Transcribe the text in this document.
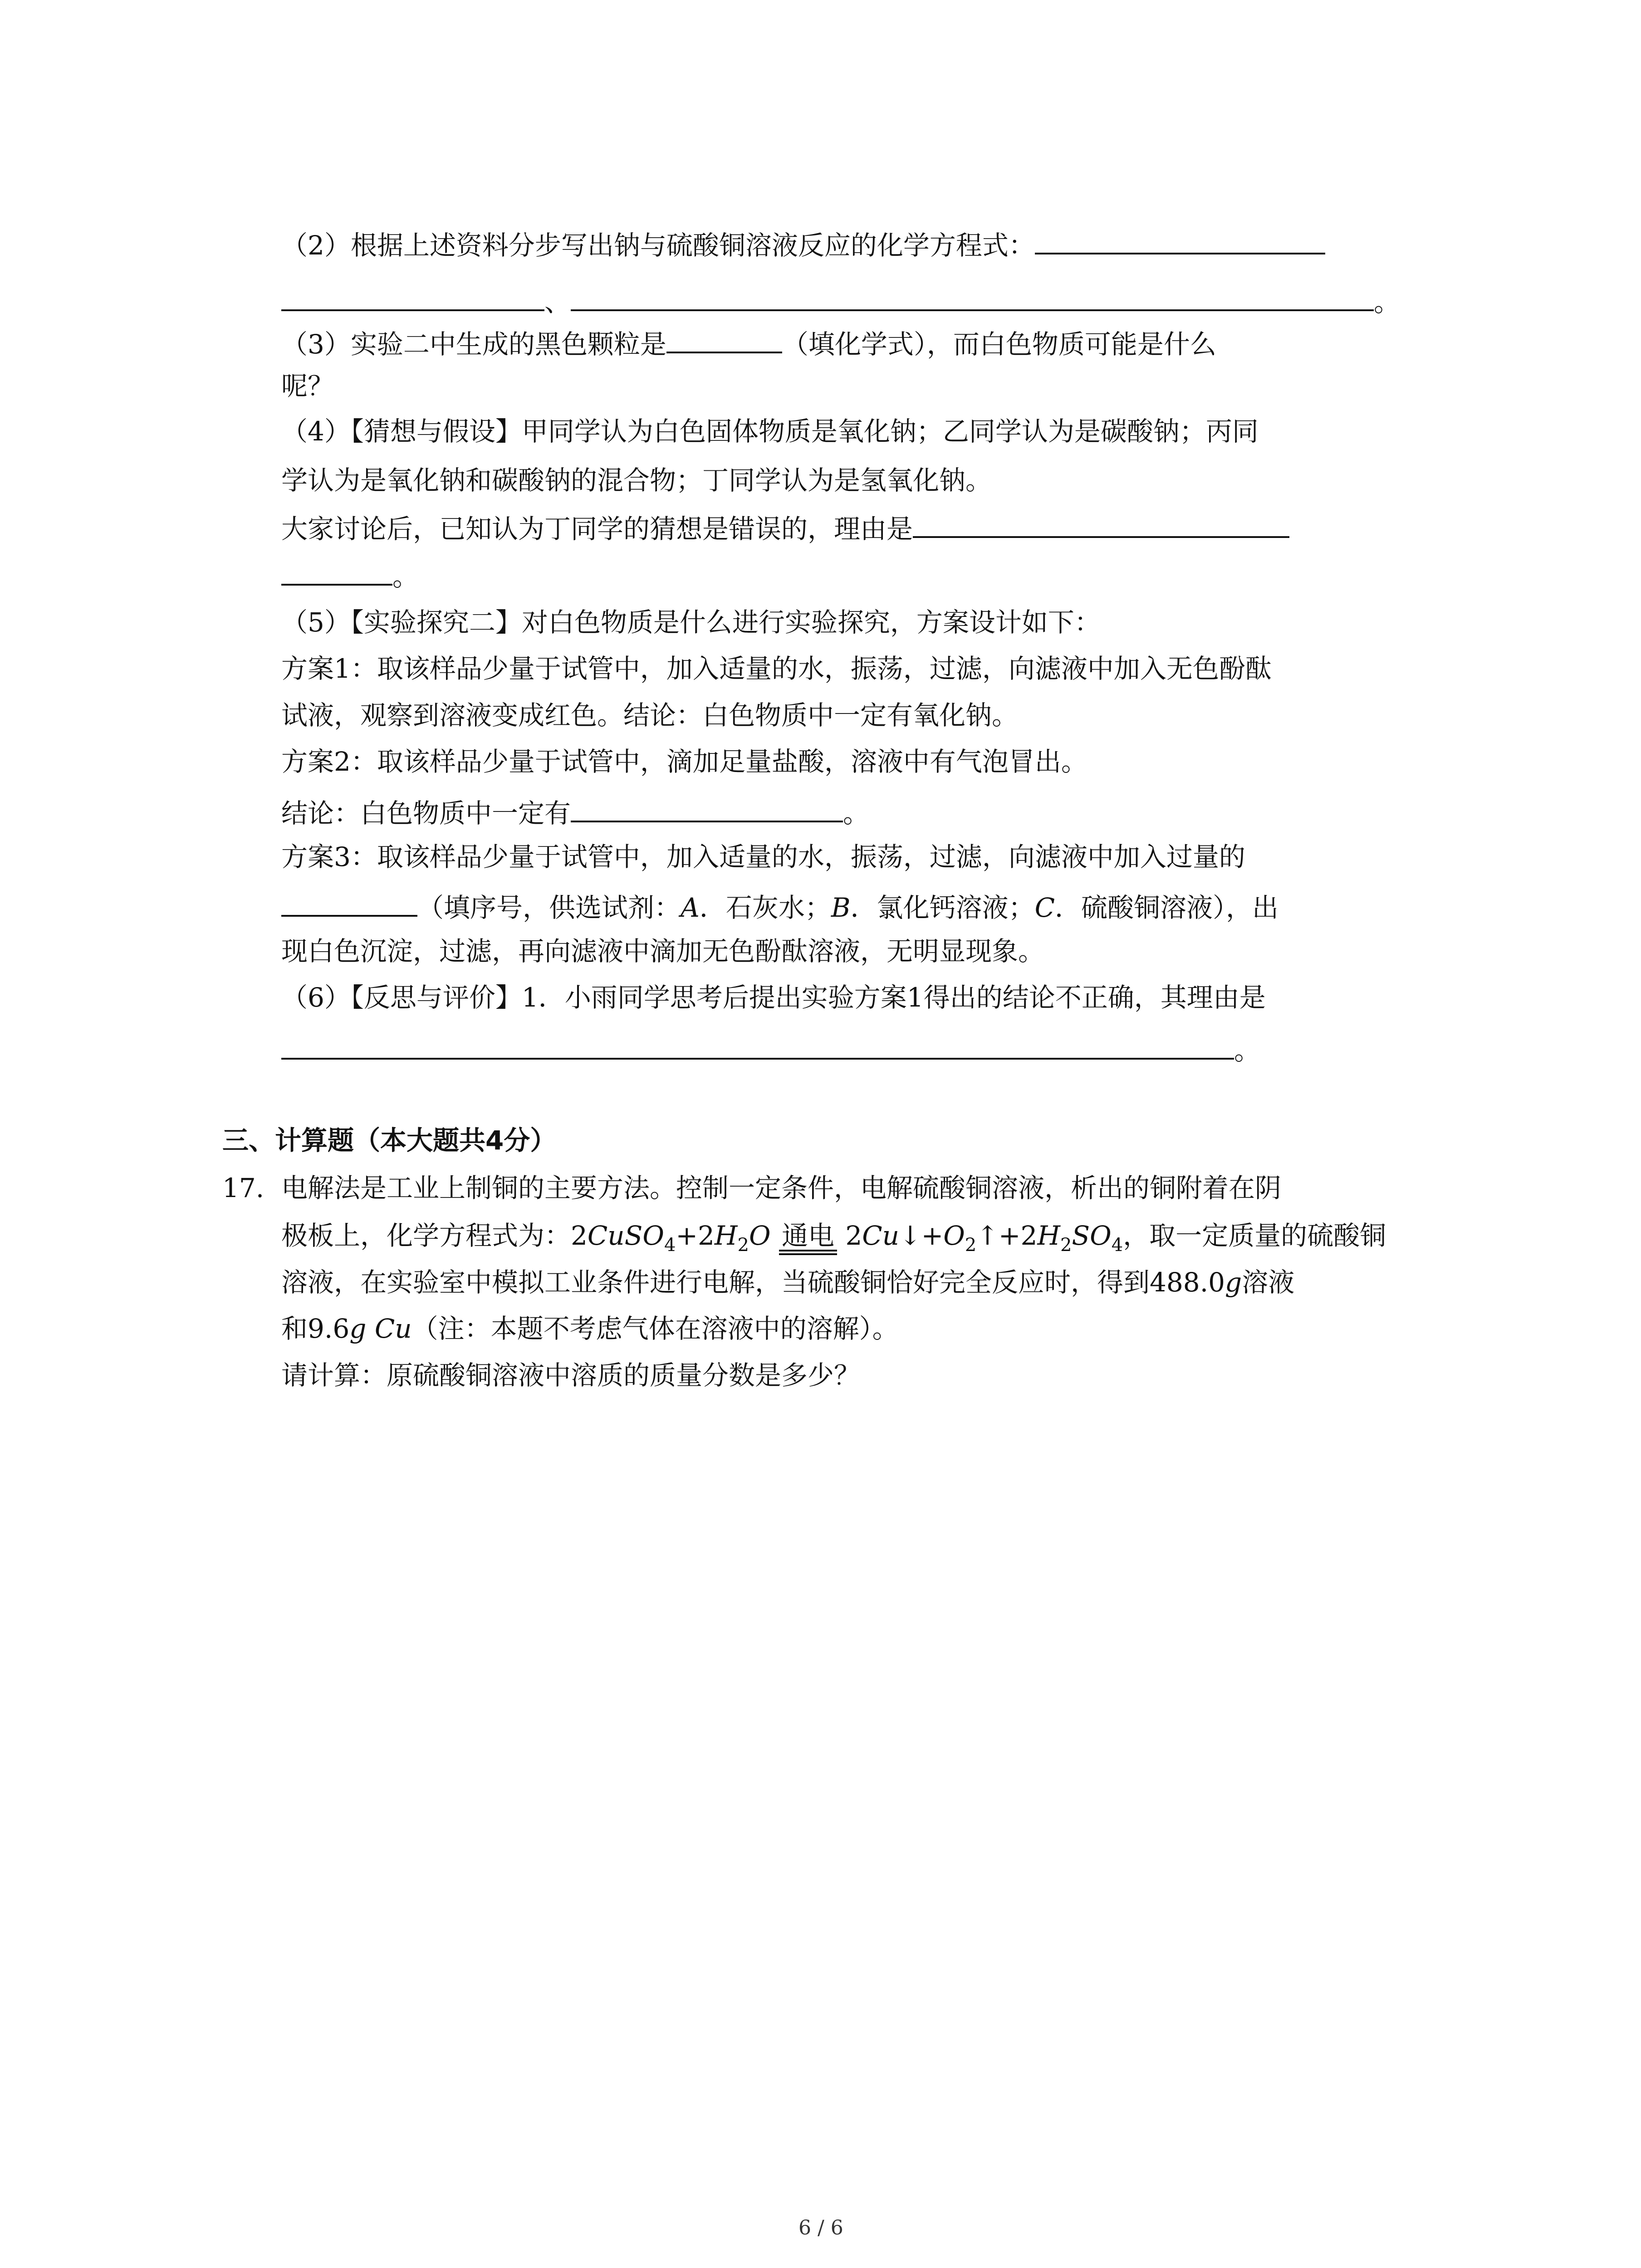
（2）根据上述资料分步写出钠与硫酸铜溶液反应的化学方程式：
、	。
（3）实验二中生成的黑色颗粒是	（填化学式），而白色物质可能是什么
呢？
（4）【猜想与假设】甲同学认为白色固体物质是氧化钠；乙同学认为是碳酸钠；丙同
学认为是氧化钠和碳酸钠的混合物；丁同学认为是氢氧化钠。
大家讨论后，已知认为丁同学的猜想是错误的，理由是
。
（5）【实验探究二】对白色物质是什么进行实验探究，方案设计如下：
方案1：取该样品少量于试管中，加入适量的水，振荡，过滤，向滤液中加入无色酚酞
试液，观察到溶液变成红色。结论：白色物质中一定有氧化钠。
方案2：取该样品少量于试管中，滴加足量盐酸，溶液中有气泡冒出。
结论：白色物质中一定有	。
方案3：取该样品少量于试管中，加入适量的水，振荡，过滤，向滤液中加入过量的
（填序号，供选试剂：A．石灰水；B．氯化钙溶液；C．硫酸铜溶液），出
现白色沉淀，过滤，再向滤液中滴加无色酚酞溶液，无明显现象。
（6）【反思与评价】1．小雨同学思考后提出实验方案1得出的结论不正确，其理由是
。
三、计算题（本大题共4分）
17. 电解法是工业上制铜的主要方法。控制一定条件，电解硫酸铜溶液，析出的铜附着在阴
极板上，化学方程式为：$2CuSO_4+2H_2O$ 通电 $2Cu↓+O_2↑+2H_2SO_4$，取一定质量的硫酸铜
溶液，在实验室中模拟工业条件进行电解，当硫酸铜恰好完全反应时，得到488.0g溶液
和9.6g Cu（注：本题不考虑气体在溶液中的溶解）。
请计算：原硫酸铜溶液中溶质的质量分数是多少？
6 / 6
